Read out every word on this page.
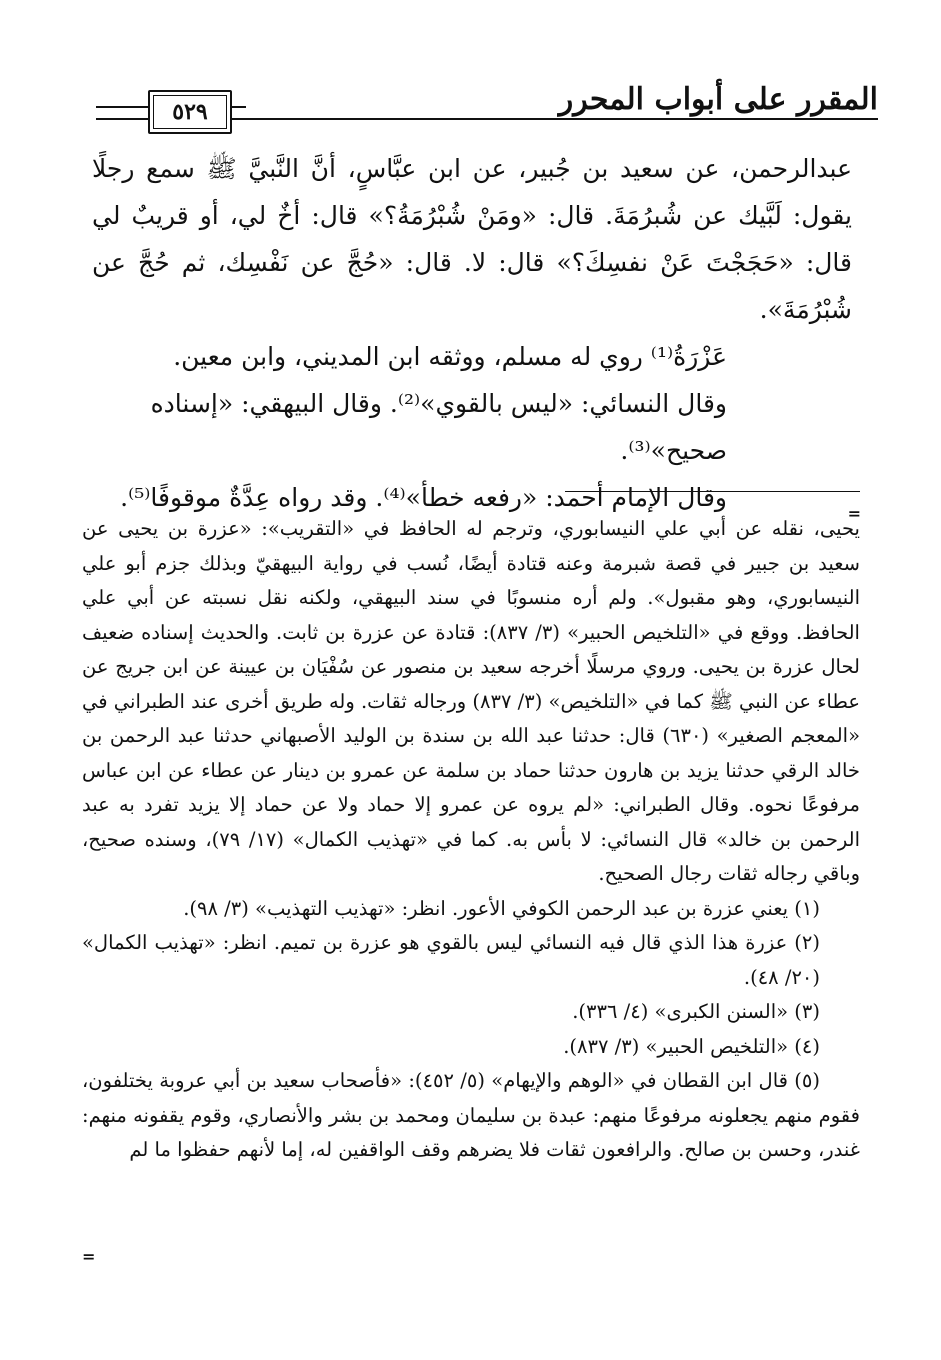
٥٢٩	المقرر على أبواب المحرر

عبدالرحمن، عن سعيد بن جُبير، عن ابن عبَّاسٍ، أنَّ النَّبيَّ ﷺ سمع رجلًا يقول: لَبَّيك عن شُبرُمَةَ. قال: «ومَنْ شُبْرُمَةُ؟» قال: أخٌ لي، أو قريبٌ لي قال: «حَجَجْتَ عَنْ نفسِكَ؟» قال: لا. قال: «حُجَّ عن نَفْسِك، ثم حُجَّ عن شُبْرُمَةَ».

عَزْرَةُ⁽¹⁾ روي له مسلم، ووثقه ابن المديني، وابن معين.

وقال النسائي: «ليس بالقوي»⁽²⁾. وقال البيهقي: «إسناده صحيح»⁽³⁾.

وقال الإمام أحمد: «رفعه خطأ»⁽⁴⁾. وقد رواه عِدَّةٌ موقوفًا⁽⁵⁾.

=

يحيى، نقله عن أبي علي النيسابوري، وترجم له الحافظ في «التقريب»: «عزرة بن يحيى عن سعيد بن جبير في قصة شبرمة وعنه قتادة أيضًا، نُسب في رواية البيهقيّ وبذلك جزم أبو علي النيسابوري، وهو مقبول». ولم أره منسوبًا في سند البيهقي، ولكنه نقل نسبته عن أبي علي الحافظ. ووقع في «التلخيص الحبير» (٣/ ٨٣٧): قتادة عن عزرة بن ثابت. والحديث إسناده ضعيف لحال عزرة بن يحيى. وروي مرسلًا أخرجه سعيد بن منصور عن سُفْيَان بن عيينة عن ابن جريج عن عطاء عن النبي ﷺ كما في «التلخيص» (٣/ ٨٣٧) ورجاله ثقات. وله طريق أخرى عند الطبراني في «المعجم الصغير» (٦٣٠) قال: حدثنا عبد الله بن سندة بن الوليد الأصبهاني حدثنا عبد الرحمن بن خالد الرقي حدثنا يزيد بن هارون حدثنا حماد بن سلمة عن عمرو بن دينار عن عطاء عن ابن عباس مرفوعًا نحوه. وقال الطبراني: «لم يروه عن عمرو إلا حماد ولا عن حماد إلا يزيد تفرد به عبد الرحمن بن خالد» قال النسائي: لا بأس به. كما في «تهذيب الكمال» (١٧/ ٧٩)، وسنده صحيح، وباقي رجاله ثقات رجال الصحيح.

(١) يعني عزرة بن عبد الرحمن الكوفي الأعور. انظر: «تهذيب التهذيب» (٣/ ٩٨).

(٢) عزرة هذا الذي قال فيه النسائي ليس بالقوي هو عزرة بن تميم. انظر: «تهذيب الكمال» (٢٠/ ٤٨).

(٣) «السنن الكبرى» (٤/ ٣٣٦).

(٤) «التلخيص الحبير» (٣/ ٨٣٧).

(٥) قال ابن القطان في «الوهم والإيهام» (٥/ ٤٥٢): «فأصحاب سعيد بن أبي عروبة يختلفون، فقوم منهم يجعلونه مرفوعًا منهم: عبدة بن سليمان ومحمد بن بشر والأنصاري، وقوم يقفونه منهم: غندر، وحسن بن صالح. والرافعون ثقات فلا يضرهم وقف الواقفين له، إما لأنهم حفظوا ما لم

=
